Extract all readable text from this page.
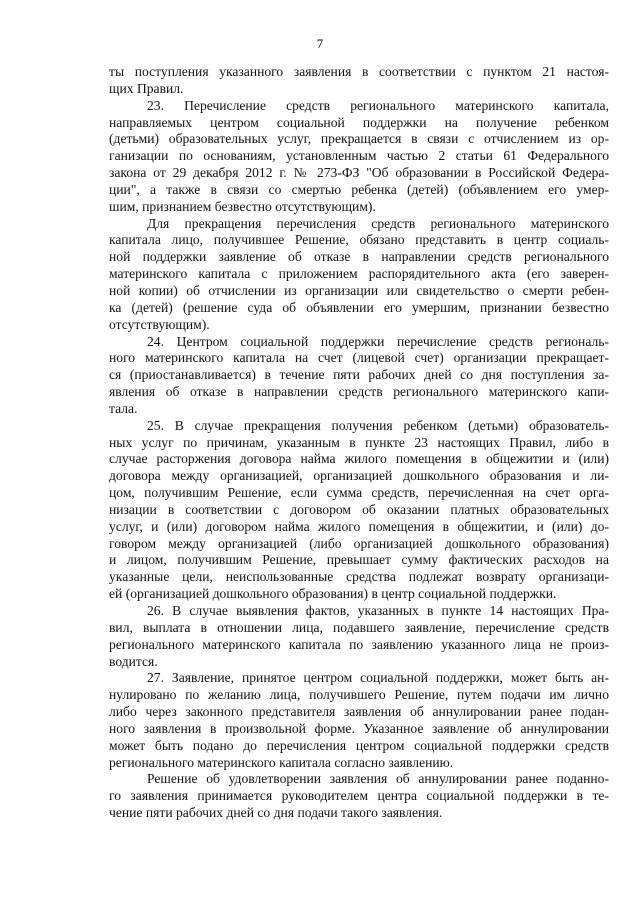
7
ты поступления указанного заявления в соответствии с пунктом 21 настоя-
щих Правил.
23. Перечисление средств регионального материнского капитала,
направляемых центром социальной поддержки на получение ребенком
(детьми) образовательных услуг, прекращается в связи с отчислением из ор-
ганизации по основаниям, установленным частью 2 статьи 61 Федерального
закона от 29 декабря 2012 г. № 273-ФЗ "Об образовании в Российской Федера-
ции", а также в связи со смертью ребенка (детей) (объявлением его умер-
шим, признанием безвестно отсутствующим).
Для прекращения перечисления средств регионального материнского
капитала лицо, получившее Решение, обязано представить в центр социаль-
ной поддержки заявление об отказе в направлении средств регионального
материнского капитала с приложением распорядительного акта (его заверен-
ной копии) об отчислении из организации или свидетельство о смерти ребен-
ка (детей) (решение суда об объявлении его умершим, признании безвестно
отсутствующим).
24. Центром социальной поддержки перечисление средств региональ-
ного материнского капитала на счет (лицевой счет) организации прекращает-
ся (приостанавливается) в течение пяти рабочих дней со дня поступления за-
явления об отказе в направлении средств регионального материнского капи-
тала.
25. В случае прекращения получения ребенком (детьми) образователь-
ных услуг по причинам, указанным в пункте 23 настоящих Правил, либо в
случае расторжения договора найма жилого помещения в общежитии и (или)
договора между организацией, организацией дошкольного образования и ли-
цом, получившим Решение, если сумма средств, перечисленная на счет орга-
низации в соответствии с договором об оказании платных образовательных
услуг, и (или) договором найма жилого помещения в общежитии, и (или) до-
говором между организацией (либо организацией дошкольного образования)
и лицом, получившим Решение, превышает сумму фактических расходов на
указанные цели, неиспользованные средства подлежат возврату организаци-
ей (организацией дошкольного образования) в центр социальной поддержки.
26. В случае выявления фактов, указанных в пункте 14 настоящих Пра-
вил, выплата в отношении лица, подавшего заявление, перечисление средств
регионального материнского капитала по заявлению указанного лица не произ-
водится.
27. Заявление, принятое центром социальной поддержки, может быть ан-
нулировано по желанию лица, получившего Решение, путем подачи им лично
либо через законного представителя заявления об аннулировании ранее подан-
ного заявления в произвольной форме. Указанное заявление об аннулировании
может быть подано до перечисления центром социальной поддержки средств
регионального материнского капитала согласно заявлению.
Решение об удовлетворении заявления об аннулировании ранее поданно-
го заявления принимается руководителем центра социальной поддержки в те-
чение пяти рабочих дней со дня подачи такого заявления.
